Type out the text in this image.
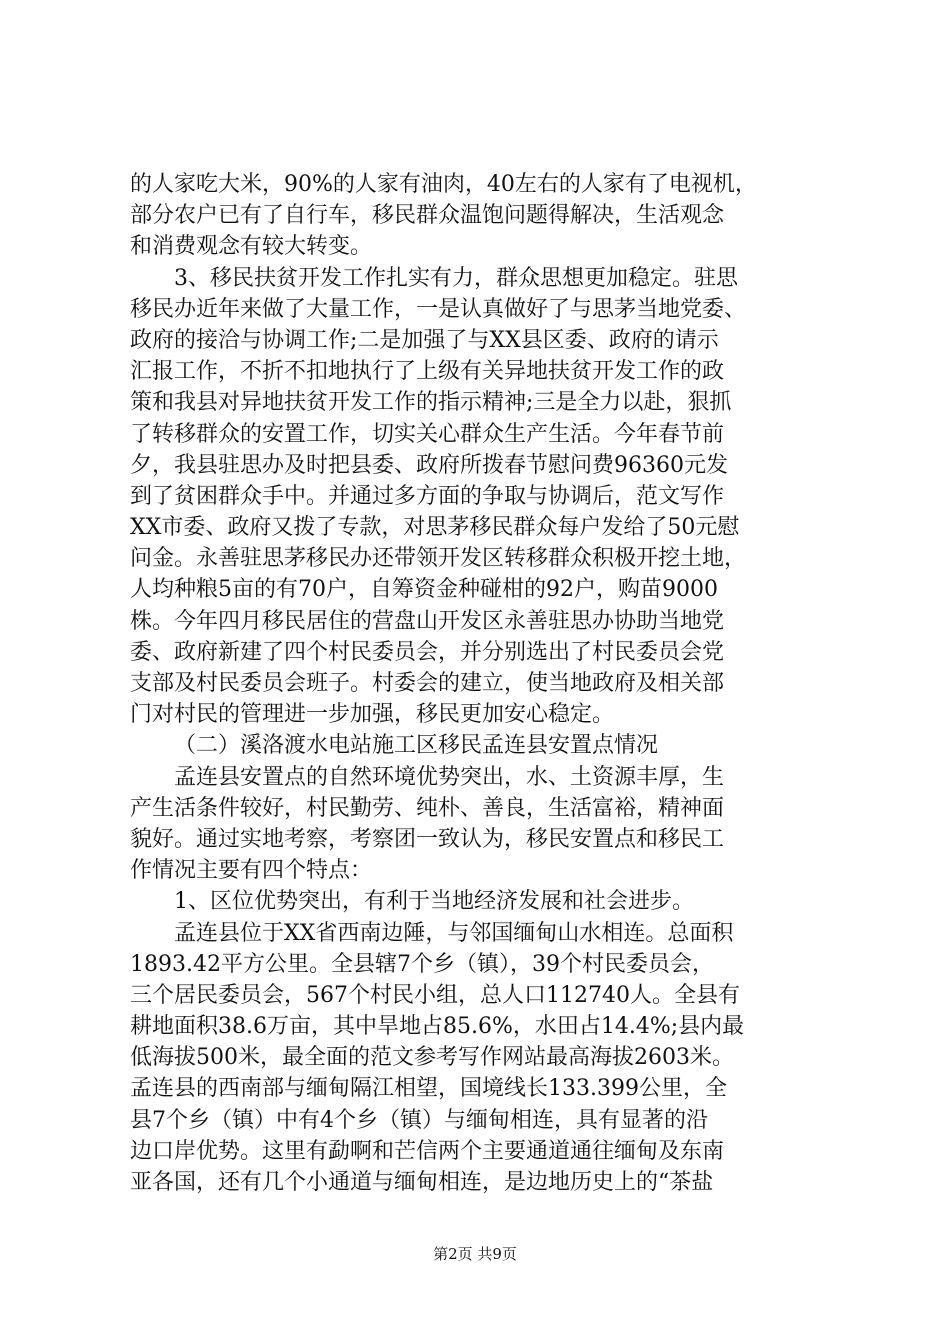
的人家吃大米，90%的人家有油肉，40左右的人家有了电视机，
部分农户已有了自行车，移民群众温饱问题得解决，生活观念
和消费观念有较大转变。
3、移民扶贫开发工作扎实有力，群众思想更加稳定。驻思
移民办近年来做了大量工作，一是认真做好了与思茅当地党委、
政府的接洽与协调工作;二是加强了与XX县区委、政府的请示
汇报工作，不折不扣地执行了上级有关异地扶贫开发工作的政
策和我县对异地扶贫开发工作的指示精神;三是全力以赴，狠抓
了转移群众的安置工作，切实关心群众生产生活。今年春节前
夕，我县驻思办及时把县委、政府所拨春节慰问费96360元发
到了贫困群众手中。并通过多方面的争取与协调后，范文写作
XX市委、政府又拨了专款，对思茅移民群众每户发给了50元慰
问金。永善驻思茅移民办还带领开发区转移群众积极开挖土地，
人均种粮5亩的有70户，自筹资金种碰柑的92户，购苗9000
株。今年四月移民居住的营盘山开发区永善驻思办协助当地党
委、政府新建了四个村民委员会，并分别选出了村民委员会党
支部及村民委员会班子。村委会的建立，使当地政府及相关部
门对村民的管理进一步加强，移民更加安心稳定。
（二）溪洛渡水电站施工区移民孟连县安置点情况
孟连县安置点的自然环境优势突出，水、土资源丰厚，生
产生活条件较好，村民勤劳、纯朴、善良，生活富裕，精神面
貌好。通过实地考察，考察团一致认为，移民安置点和移民工
作情况主要有四个特点：
1、区位优势突出，有利于当地经济发展和社会进步。
孟连县位于XX省西南边陲，与邻国缅甸山水相连。总面积
1893.42平方公里。全县辖7个乡（镇），39个村民委员会，
三个居民委员会，567个村民小组，总人口112740人。全县有
耕地面积38.6万亩，其中旱地占85.6%，水田占14.4%;县内最
低海拔500米，最全面的范文参考写作网站最高海拔2603米。
孟连县的西南部与缅甸隔江相望，国境线长133.399公里，全
县7个乡（镇）中有4个乡（镇）与缅甸相连，具有显著的沿
边口岸优势。这里有勐啊和芒信两个主要通道通往缅甸及东南
亚各国，还有几个小通道与缅甸相连，是边地历史上的“茶盐
第2页 共9页
